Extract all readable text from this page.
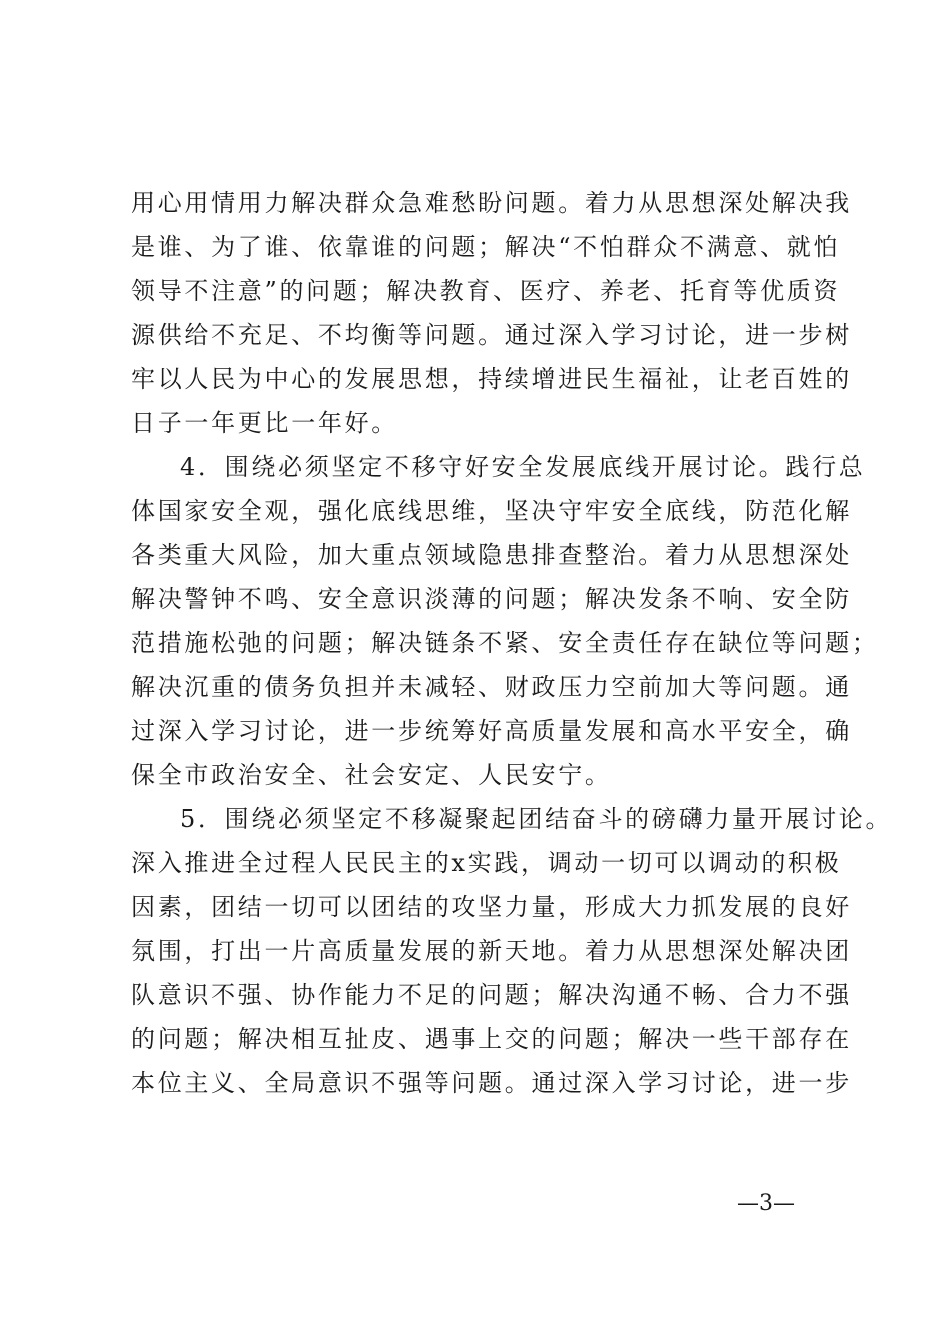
用心用情用力解决群众急难愁盼问题。着力从思想深处解决我
是谁、为了谁、依靠谁的问题；解决“不怕群众不满意、就怕
领导不注意”的问题；解决教育、医疗、养老、托育等优质资
源供给不充足、不均衡等问题。通过深入学习讨论，进一步树
牢以人民为中心的发展思想，持续增进民生福祉，让老百姓的
日子一年更比一年好。
4．围绕必须坚定不移守好安全发展底线开展讨论。践行总
体国家安全观，强化底线思维，坚决守牢安全底线，防范化解
各类重大风险，加大重点领域隐患排查整治。着力从思想深处
解决警钟不鸣、安全意识淡薄的问题；解决发条不响、安全防
范措施松弛的问题；解决链条不紧、安全责任存在缺位等问题；
解决沉重的债务负担并未减轻、财政压力空前加大等问题。通
过深入学习讨论，进一步统筹好高质量发展和高水平安全，确
保全市政治安全、社会安定、人民安宁。
5．围绕必须坚定不移凝聚起团结奋斗的磅礴力量开展讨论。
深入推进全过程人民民主的x实践，调动一切可以调动的积极
因素，团结一切可以团结的攻坚力量，形成大力抓发展的良好
氛围，打出一片高质量发展的新天地。着力从思想深处解决团
队意识不强、协作能力不足的问题；解决沟通不畅、合力不强
的问题；解决相互扯皮、遇事上交的问题；解决一些干部存在
本位主义、全局意识不强等问题。通过深入学习讨论，进一步
—3—
